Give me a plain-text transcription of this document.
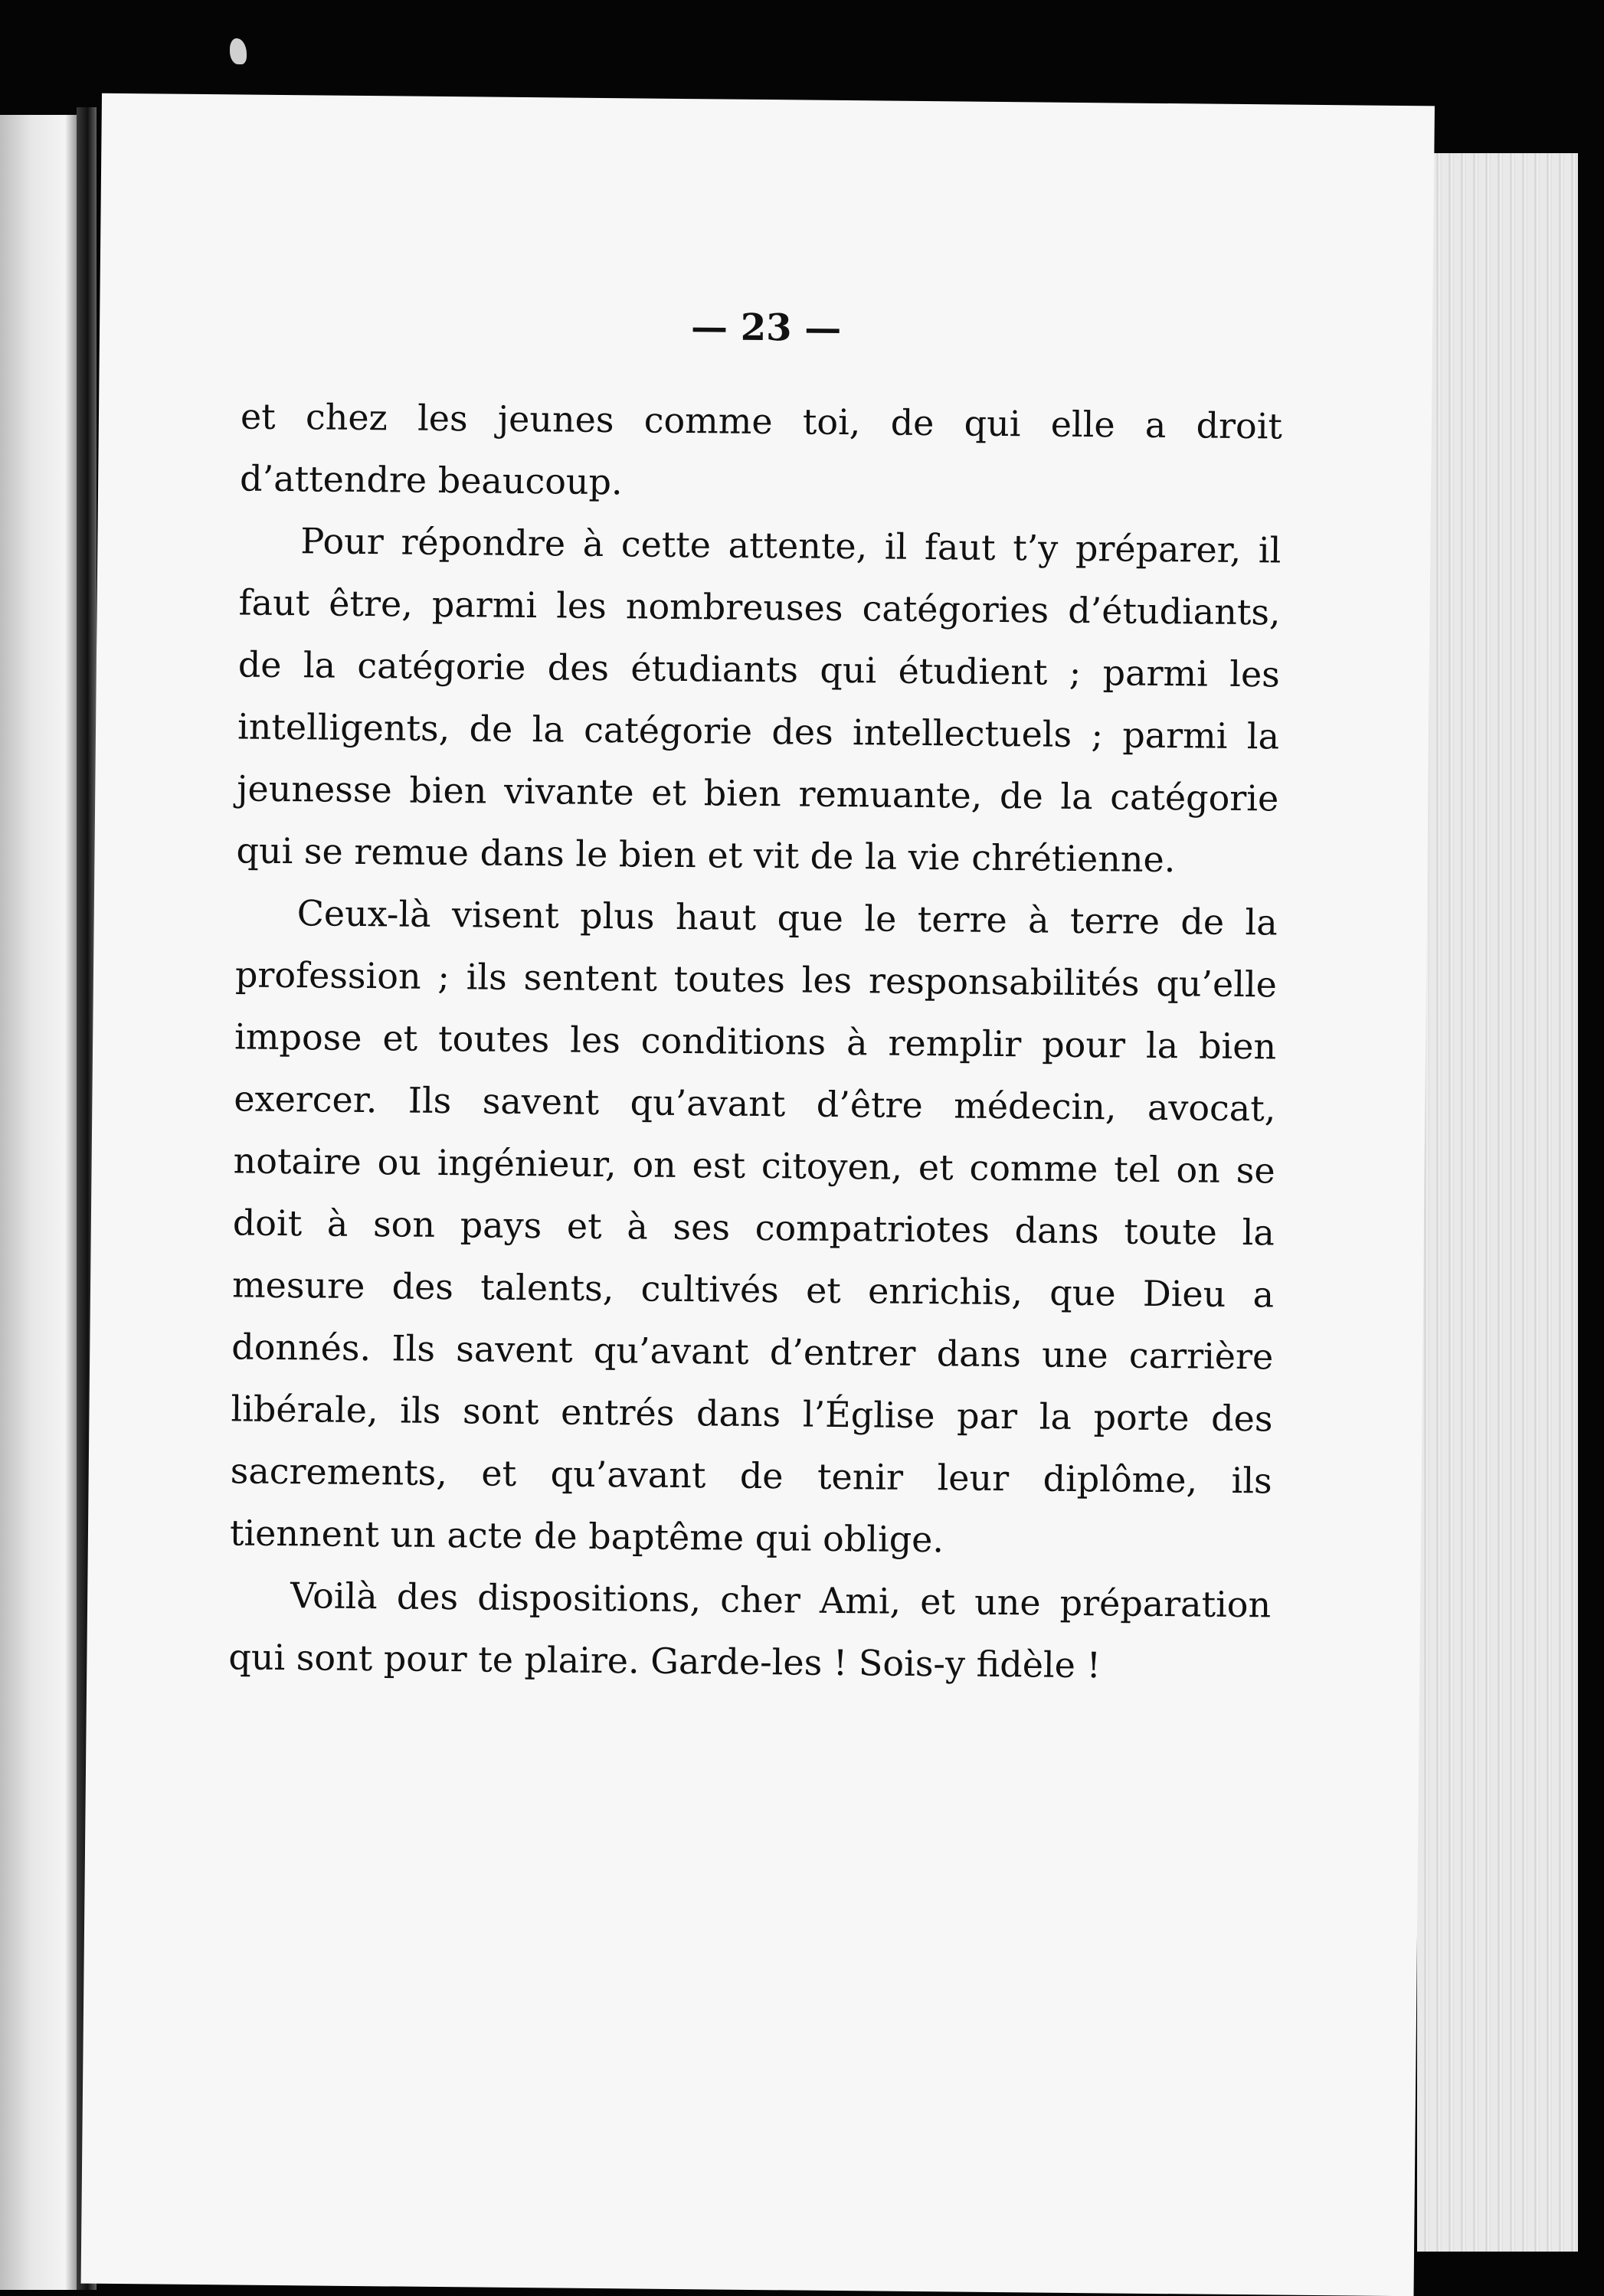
— 23 —

et chez les jeunes comme toi, de qui elle a droit d’attendre beaucoup.

Pour répondre à cette attente, il faut t’y préparer, il faut être, parmi les nombreuses catégories d’étudiants, de la catégorie des étudiants qui étudient ; parmi les intelligents, de la catégorie des intellectuels ; parmi la jeunesse bien vivante et bien remuante, de la catégorie qui se remue dans le bien et vit de la vie chrétienne.

Ceux-là visent plus haut que le terre à terre de la profession ; ils sentent toutes les responsabilités qu’elle impose et toutes les conditions à remplir pour la bien exercer. Ils savent qu’avant d’être médecin, avocat, notaire ou ingénieur, on est citoyen, et comme tel on se doit à son pays et à ses compatriotes dans toute la mesure des talents, cultivés et enrichis, que Dieu a donnés. Ils savent qu’avant d’entrer dans une carrière libérale, ils sont entrés dans l’Église par la porte des sacrements, et qu’avant de tenir leur diplôme, ils tiennent un acte de baptême qui oblige.

Voilà des dispositions, cher Ami, et une préparation qui sont pour te plaire. Garde-les ! Sois-y fidèle !
